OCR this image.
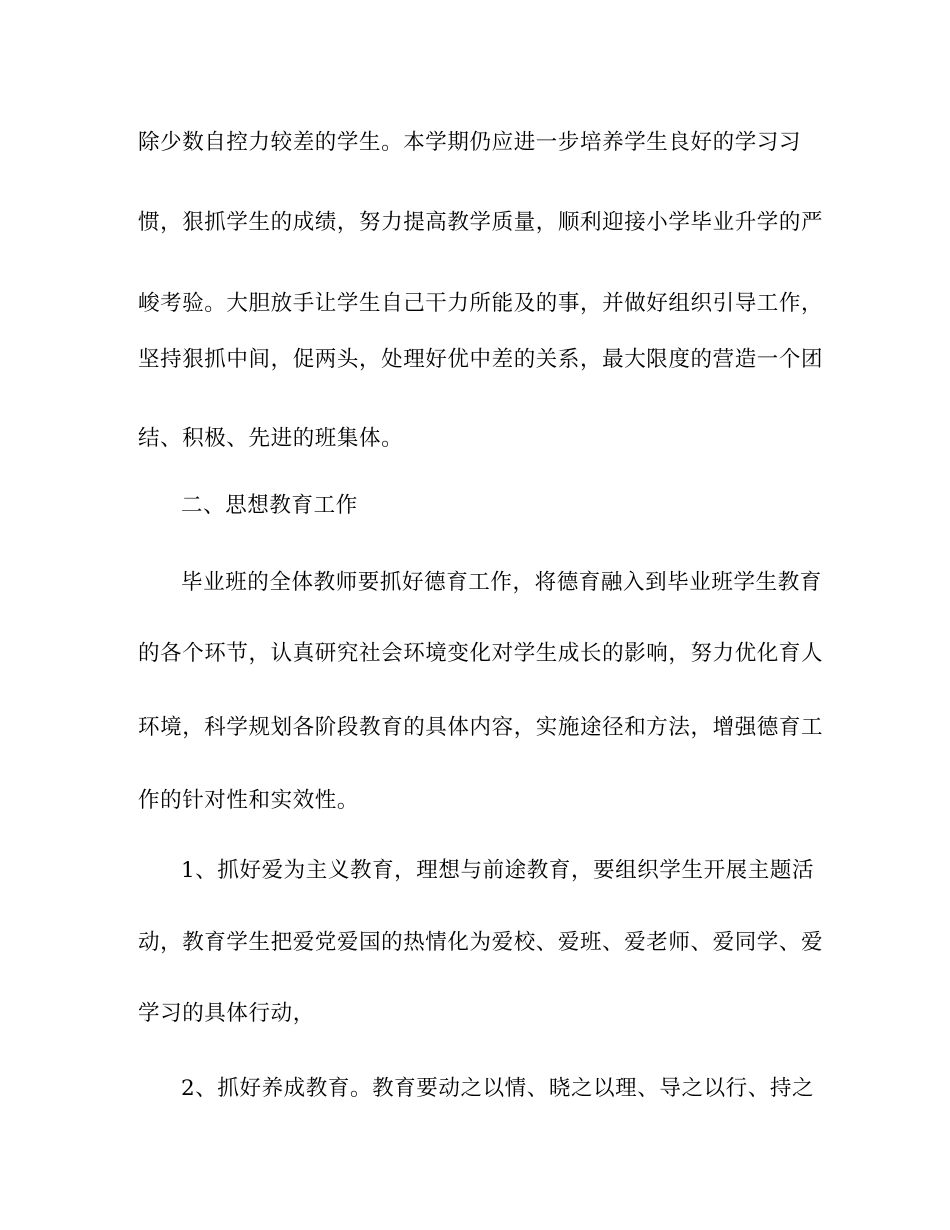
除少数自控力较差的学生。本学期仍应进一步培养学生良好的学习习
惯，狠抓学生的成绩，努力提高教学质量，顺利迎接小学毕业升学的严
峻考验。大胆放手让学生自己干力所能及的事，并做好组织引导工作，
坚持狠抓中间，促两头，处理好优中差的关系，最大限度的营造一个团
结、积极、先进的班集体。
二、思想教育工作
毕业班的全体教师要抓好德育工作，将德育融入到毕业班学生教育
的各个环节，认真研究社会环境变化对学生成长的影响，努力优化育人
环境，科学规划各阶段教育的具体内容，实施途径和方法，增强德育工
作的针对性和实效性。
1、抓好爱为主义教育，理想与前途教育，要组织学生开展主题活
动，教育学生把爱党爱国的热情化为爱校、爱班、爱老师、爱同学、爱
学习的具体行动，
2、抓好养成教育。教育要动之以情、晓之以理、导之以行、持之
